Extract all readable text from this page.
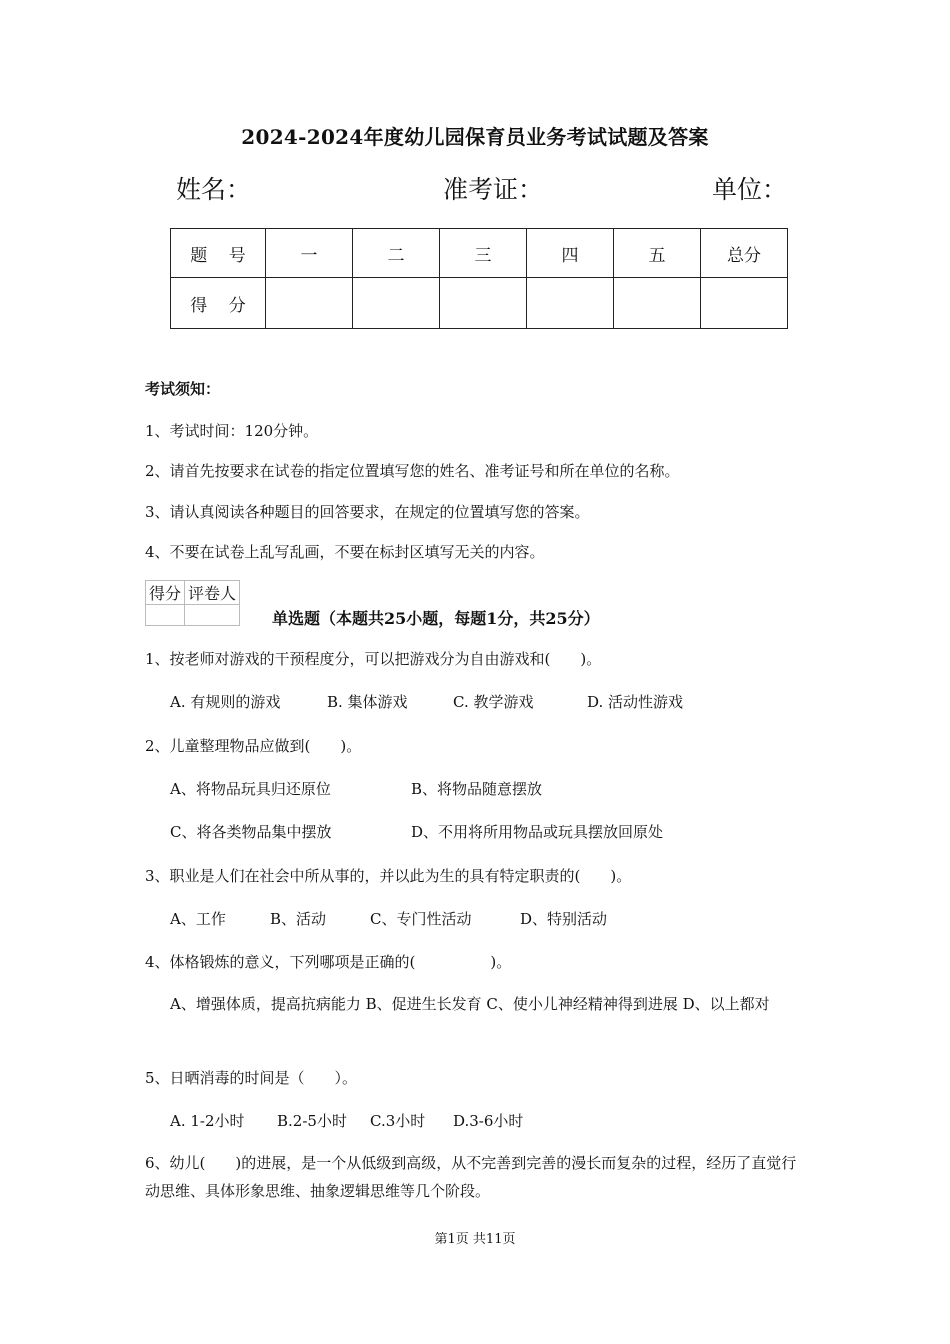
2024-2024年度幼儿园保育员业务考试试题及答案
姓名：	准考证：	单位：
题 号	一	二	三	四	五	总分
得 分						
考试须知：
1、考试时间：120分钟。
2、请首先按要求在试卷的指定位置填写您的姓名、准考证号和所在单位的名称。
3、请认真阅读各种题目的回答要求，在规定的位置填写您的答案。
4、不要在试卷上乱写乱画，不要在标封区填写无关的内容。
得分	评卷人

单选题（本题共25小题，每题1分，共25分）
1、按老师对游戏的干预程度分，可以把游戏分为自由游戏和(　　)。
A. 有规则的游戏	B. 集体游戏	C. 教学游戏	D. 活动性游戏
2、儿童整理物品应做到(　　)。
A、将物品玩具归还原位	B、将物品随意摆放
C、将各类物品集中摆放	D、不用将所用物品或玩具摆放回原处
3、职业是人们在社会中所从事的，并以此为生的具有特定职责的(　　)。
A、工作	B、活动	C、专门性活动	D、特别活动
4、体格锻炼的意义，下列哪项是正确的(　　　　　)。
A、增强体质，提高抗病能力 B、促进生长发育 C、使小儿神经精神得到进展 D、以上都对
5、日晒消毒的时间是（　　）。
A. 1-2小时 B.2-5小时 C.3小时 D.3-6小时
6、幼儿(　　)的进展，是一个从低级到高级，从不完善到完善的漫长而复杂的过程，经历了直觉行动思维、具体形象思维、抽象逻辑思维等几个阶段。
第1页 共11页
